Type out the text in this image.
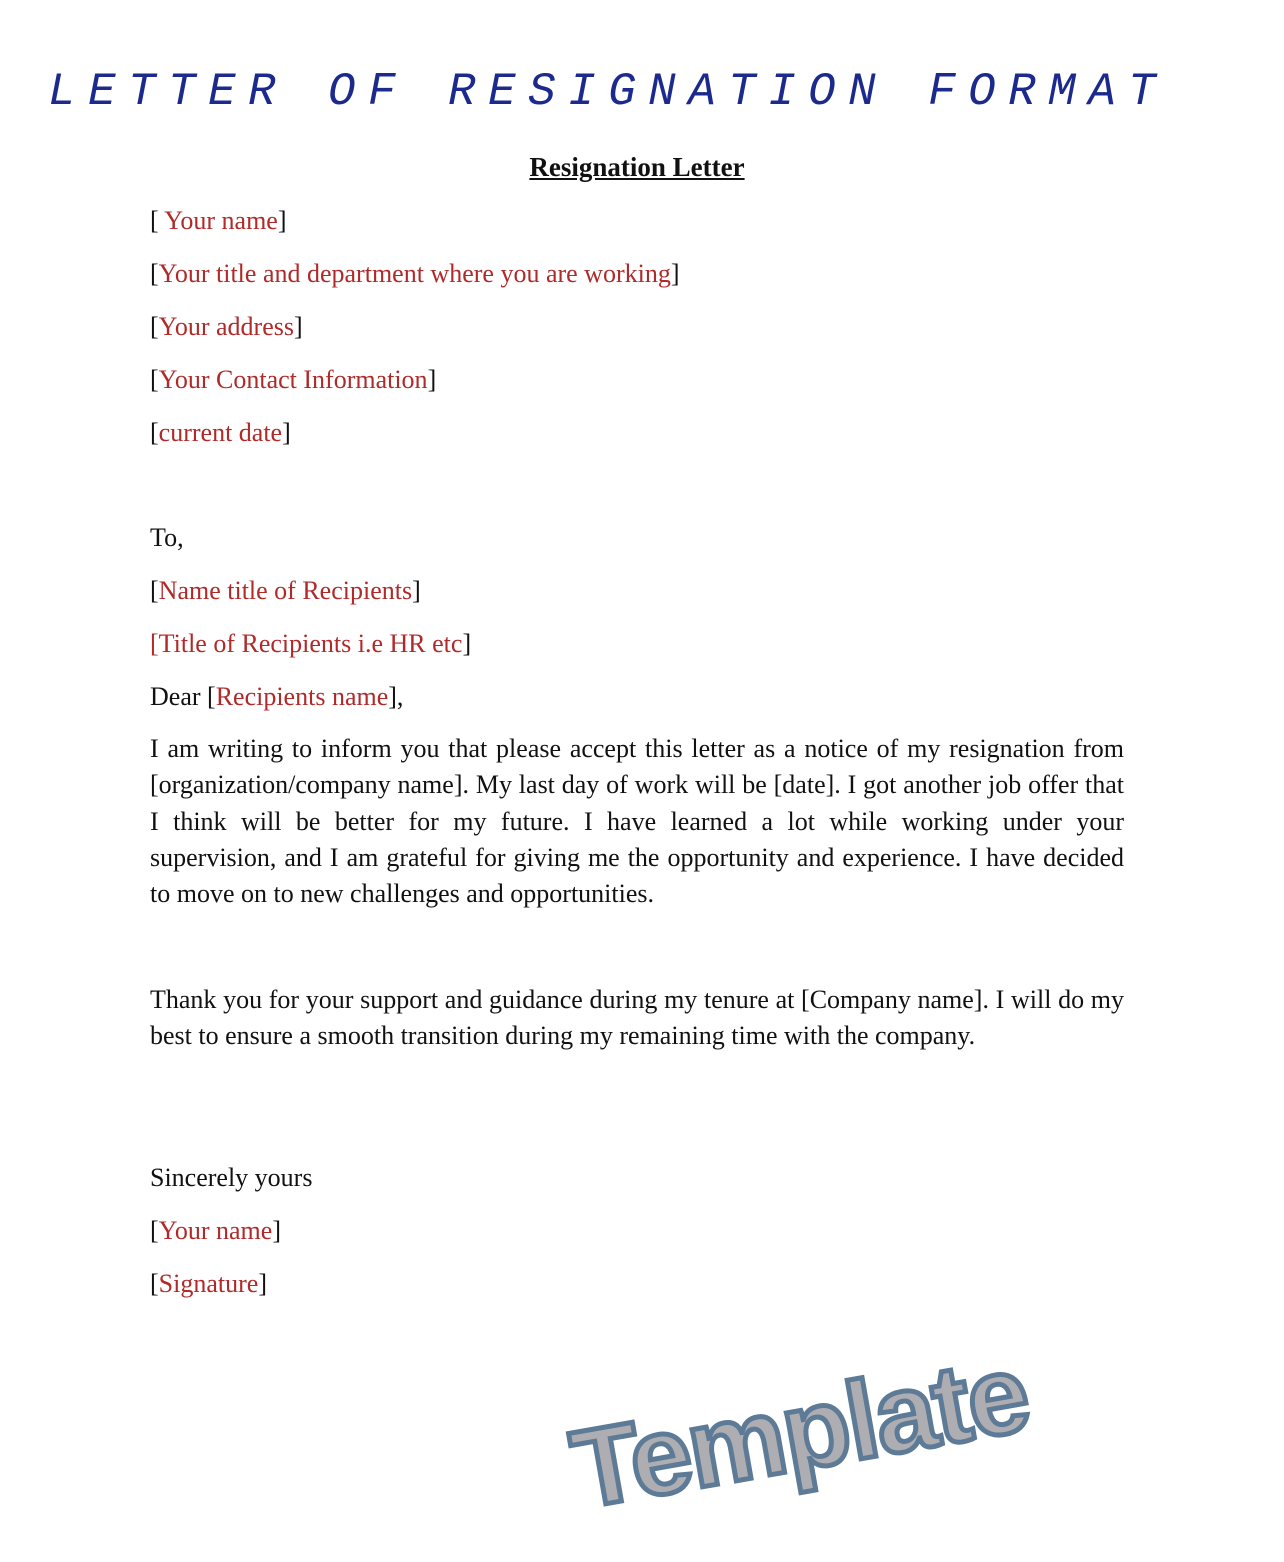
LETTER OF RESIGNATION FORMAT
Resignation Letter
[ Your name]
[Your title and department where you are working]
[Your address]
[Your Contact Information]
[current date]
To,
[Name title of Recipients]
[Title of Recipients i.e HR etc]
Dear [Recipients name],
I am writing to inform you that please accept this letter as a notice of my resignation from [organization/company name]. My last day of work will be [date]. I got another job offer that I think will be better for my future. I have learned a lot while working under your supervision, and I am grateful for giving me the opportunity and experience. I have decided to move on to new challenges and opportunities.
Thank you for your support and guidance during my tenure at [Company name]. I will do my best to ensure a smooth transition during my remaining time with the company.
Sincerely yours
[Your name]
[Signature]
Template
